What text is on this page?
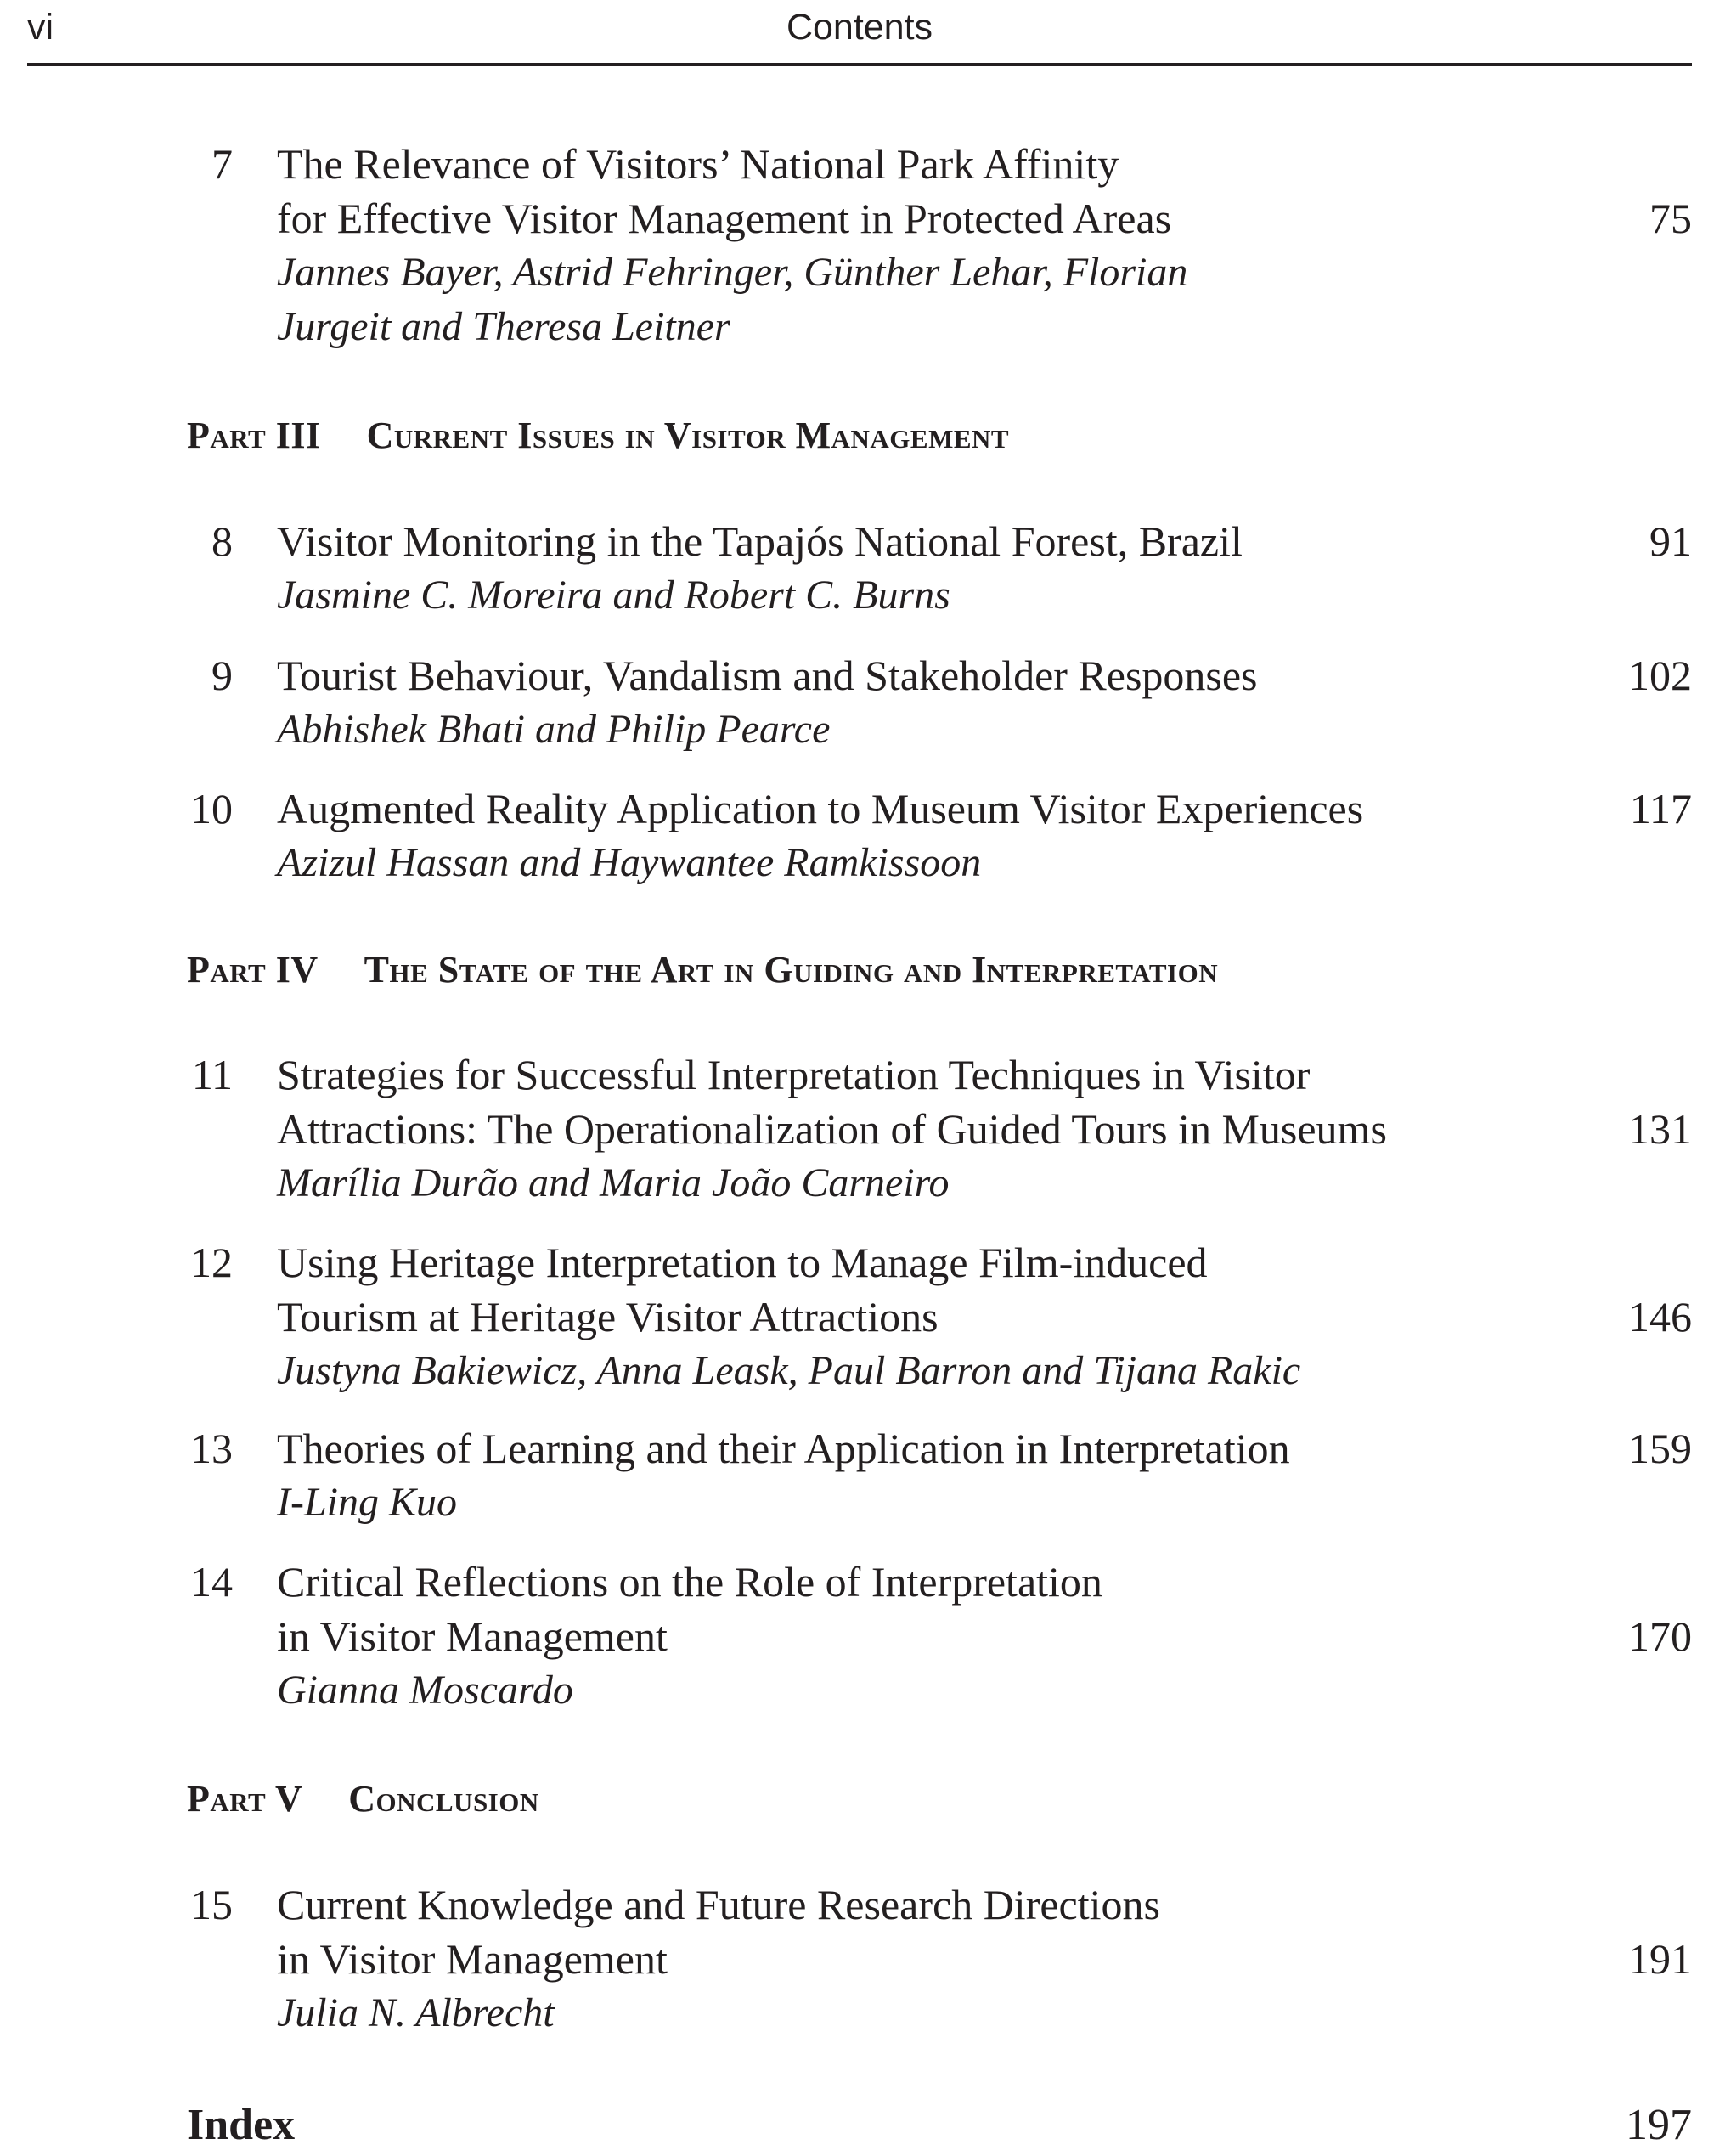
vi	Contents
7 The Relevance of Visitors’ National Park Affinity
for Effective Visitor Management in Protected Areas
Jannes Bayer, Astrid Fehringer, Günther Lehar, Florian
Jurgeit and Theresa Leitner
75
Part III Current Issues in Visitor Management
8 Visitor Monitoring in the Tapajós National Forest, Brazil
Jasmine C. Moreira and Robert C. Burns
91
9 Tourist Behaviour, Vandalism and Stakeholder Responses
Abhishek Bhati and Philip Pearce
102
10 Augmented Reality Application to Museum Visitor Experiences
Azizul Hassan and Haywantee Ramkissoon
117
Part IV The State of the Art in Guiding and Interpretation
11 Strategies for Successful Interpretation Techniques in Visitor
Attractions: The Operationalization of Guided Tours in Museums
Marília Durão and Maria João Carneiro
131
12 Using Heritage Interpretation to Manage Film-induced
Tourism at Heritage Visitor Attractions
Justyna Bakiewicz, Anna Leask, Paul Barron and Tijana Rakic
146
13 Theories of Learning and their Application in Interpretation
I-Ling Kuo
159
14 Critical Reflections on the Role of Interpretation
in Visitor Management
Gianna Moscardo
170
Part V Conclusion
15 Current Knowledge and Future Research Directions
in Visitor Management
Julia N. Albrecht
191
Index	197
